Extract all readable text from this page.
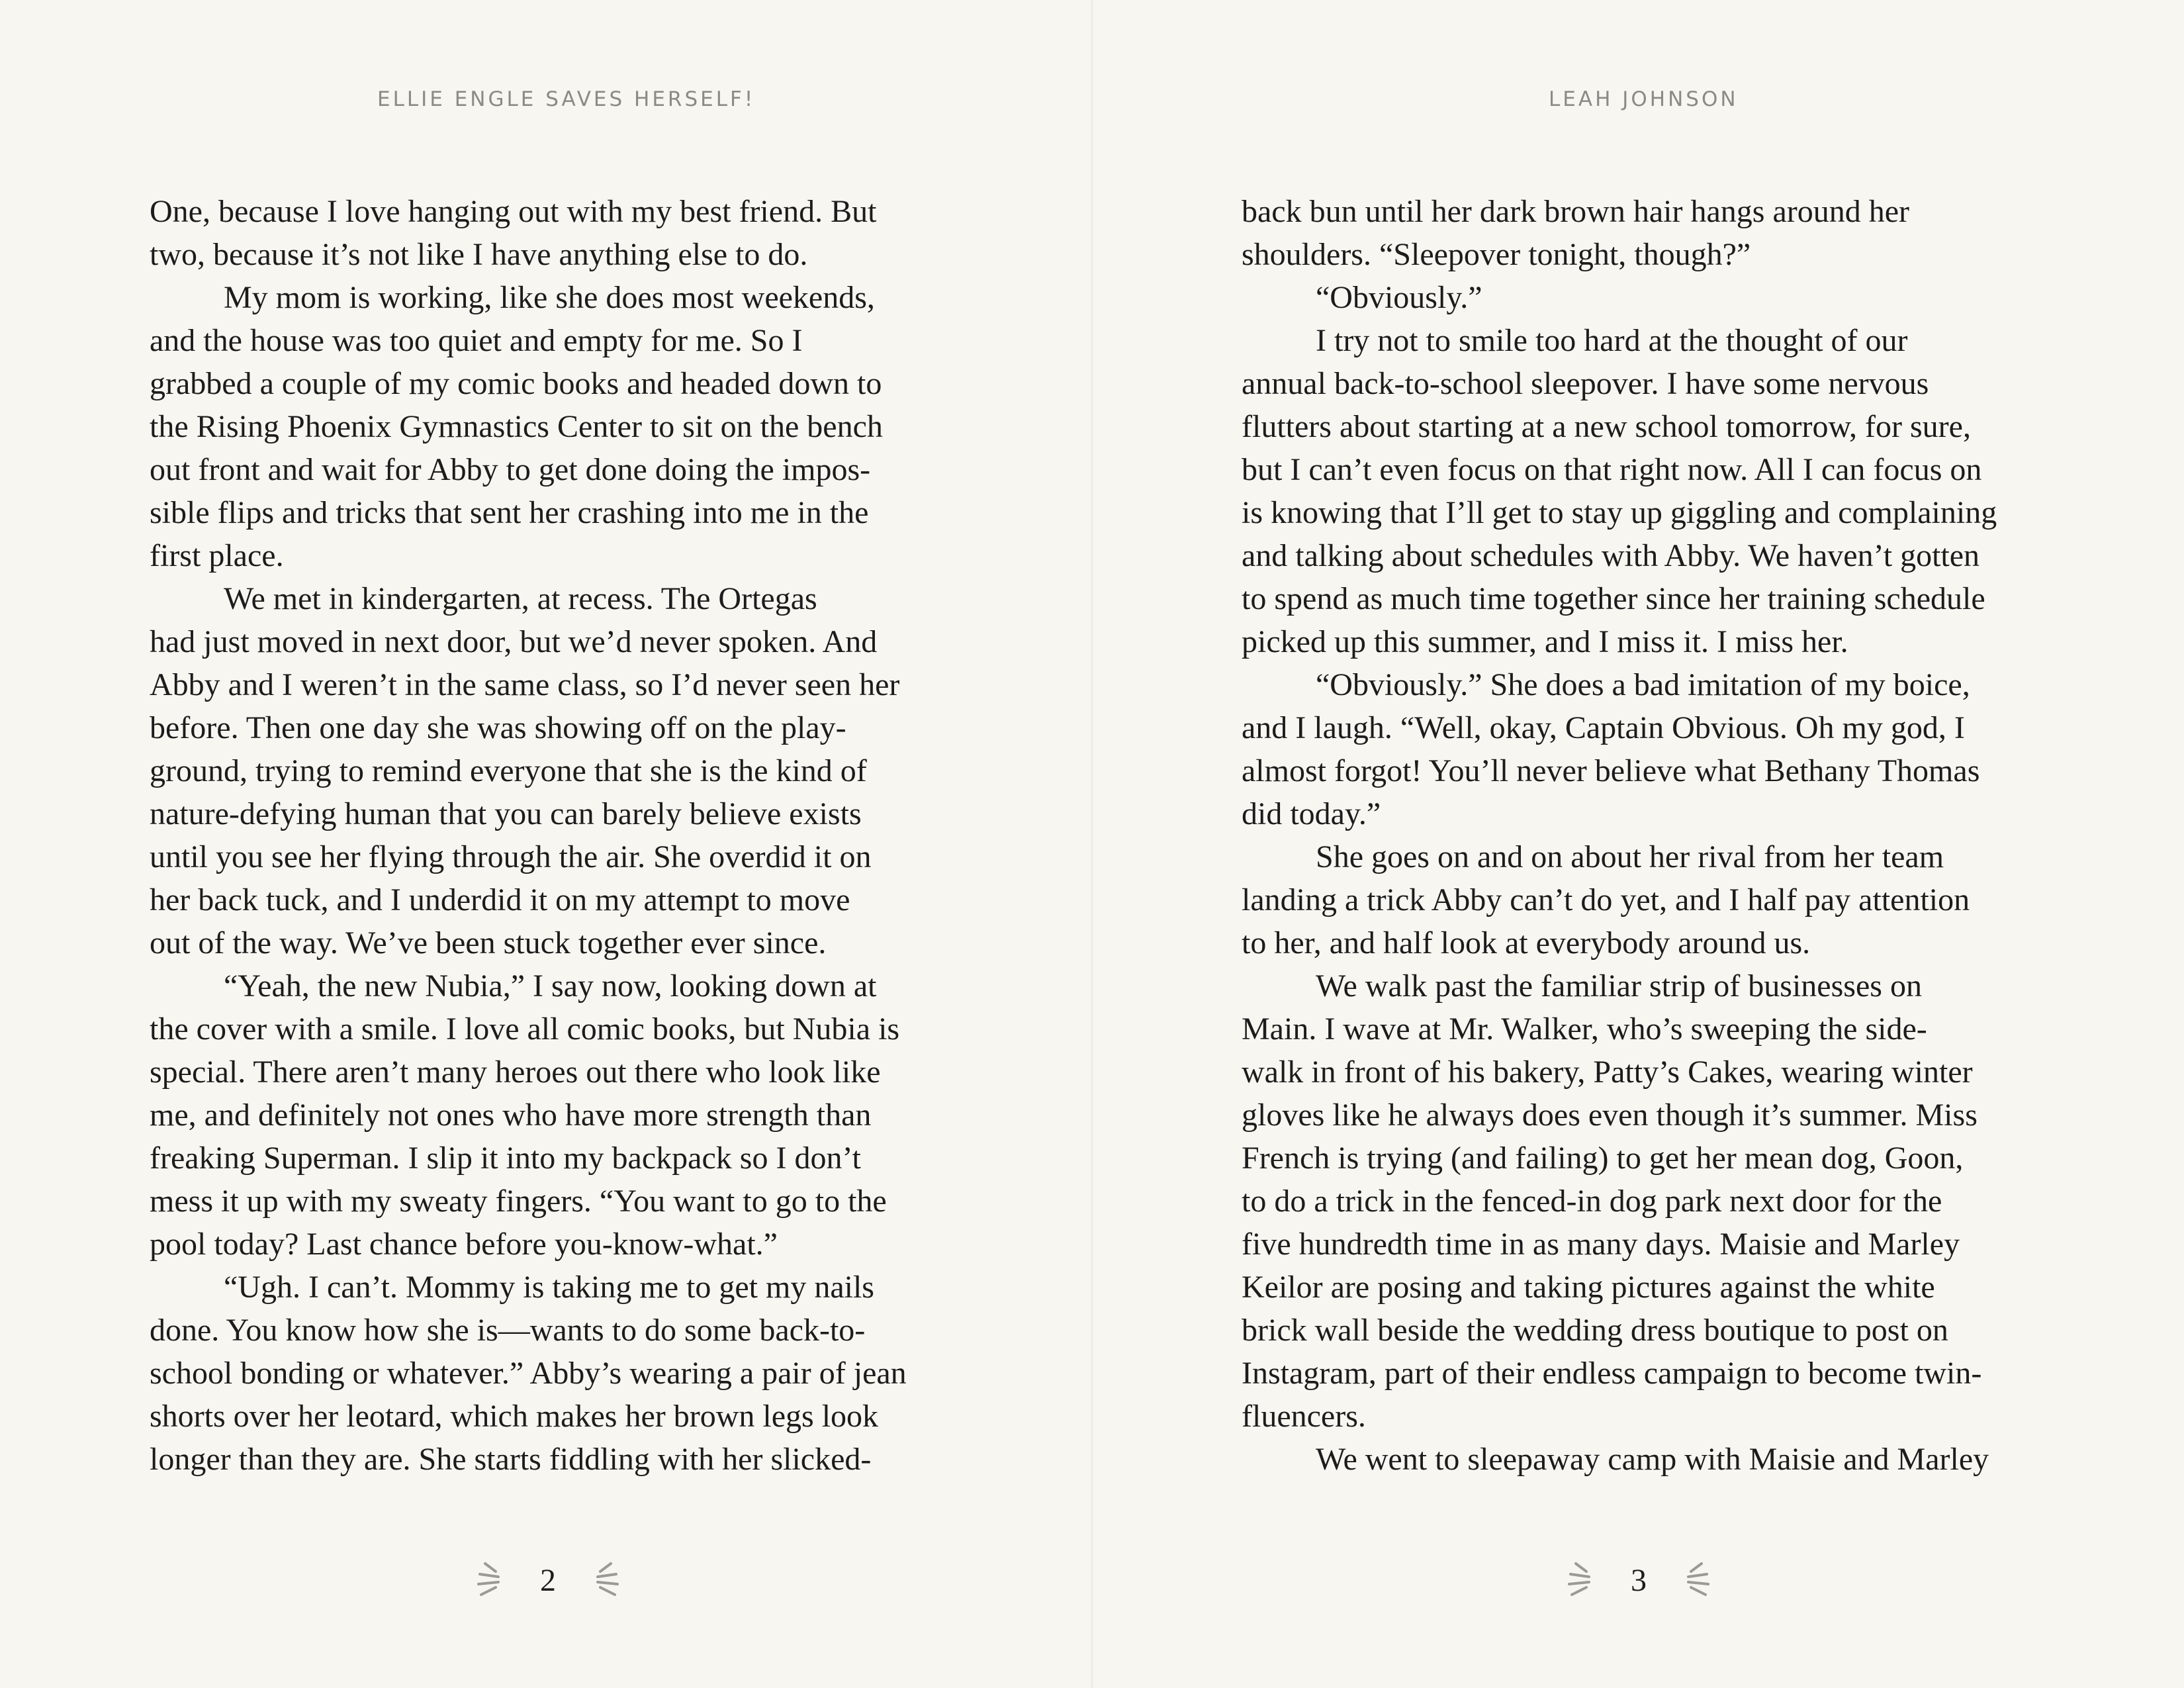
ELLIE ENGLE SAVES HERSELF!
One, because I love hanging out with my best friend. But
two, because it’s not like I have anything else to do.
My mom is working, like she does most weekends,
and the house was too quiet and empty for me. So I
grabbed a couple of my comic books and headed down to
the Rising Phoenix Gymnastics Center to sit on the bench
out front and wait for Abby to get done doing the impos-
sible flips and tricks that sent her crashing into me in the
first place.
We met in kindergarten, at recess. The Ortegas
had just moved in next door, but we’d never spoken. And
Abby and I weren’t in the same class, so I’d never seen her
before. Then one day she was showing off on the play-
ground, trying to remind everyone that she is the kind of
nature-defying human that you can barely believe exists
until you see her flying through the air. She overdid it on
her back tuck, and I underdid it on my attempt to move
out of the way. We’ve been stuck together ever since.
“Yeah, the new Nubia,” I say now, looking down at
the cover with a smile. I love all comic books, but Nubia is
special. There aren’t many heroes out there who look like
me, and definitely not ones who have more strength than
freaking Superman. I slip it into my backpack so I don’t
mess it up with my sweaty fingers. “You want to go to the
pool today? Last chance before you-know-what.”
“Ugh. I can’t. Mommy is taking me to get my nails
done. You know how she is—wants to do some back-to-
school bonding or whatever.” Abby’s wearing a pair of jean
shorts over her leotard, which makes her brown legs look
longer than they are. She starts fiddling with her slicked-
2
LEAH JOHNSON
back bun until her dark brown hair hangs around her
shoulders. “Sleepover tonight, though?”
“Obviously.”
I try not to smile too hard at the thought of our
annual back-to-school sleepover. I have some nervous
flutters about starting at a new school tomorrow, for sure,
but I can’t even focus on that right now. All I can focus on
is knowing that I’ll get to stay up giggling and complaining
and talking about schedules with Abby. We haven’t gotten
to spend as much time together since her training schedule
picked up this summer, and I miss it. I miss her.
“Obviously.” She does a bad imitation of my boice,
and I laugh. “Well, okay, Captain Obvious. Oh my god, I
almost forgot! You’ll never believe what Bethany Thomas
did today.”
She goes on and on about her rival from her team
landing a trick Abby can’t do yet, and I half pay attention
to her, and half look at everybody around us.
We walk past the familiar strip of businesses on
Main. I wave at Mr. Walker, who’s sweeping the side-
walk in front of his bakery, Patty’s Cakes, wearing winter
gloves like he always does even though it’s summer. Miss
French is trying (and failing) to get her mean dog, Goon,
to do a trick in the fenced-in dog park next door for the
five hundredth time in as many days. Maisie and Marley
Keilor are posing and taking pictures against the white
brick wall beside the wedding dress boutique to post on
Instagram, part of their endless campaign to become twin-
fluencers.
We went to sleepaway camp with Maisie and Marley
3
